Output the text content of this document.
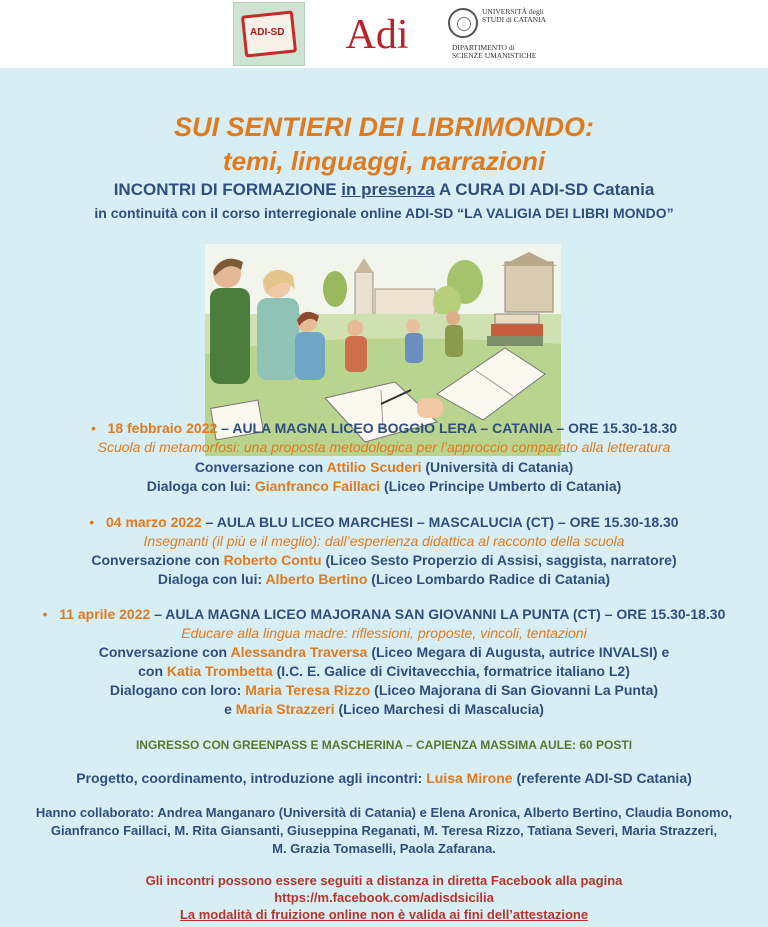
ADI-SD Adi
UNIVERSITÀ degli STUDI di CATANIA
DIPARTIMENTO di SCIENZE UMANISTICHE
SUI SENTIERI DEI LIBRIMONDO:
temi, linguaggi, narrazioni
INCONTRI DI FORMAZIONE in presenza A CURA DI ADI-SD Catania
in continuità con il corso interregionale online ADI-SD “LA VALIGIA DEI LIBRI MONDO”
• 18 febbraio 2022 – AULA MAGNA LICEO BOGGIO LERA – CATANIA – ORE 15.30-18.30
Scuola di metamorfosi: una proposta metodologica per l’approccio comparato alla letteratura
Conversazione con Attilio Scuderi (Università di Catania)
Dialoga con lui: Gianfranco Faillaci (Liceo Principe Umberto di Catania)
• 04 marzo 2022 – AULA BLU LICEO MARCHESI – MASCALUCIA (CT) – ORE 15.30-18.30
Insegnanti (il più e il meglio): dall’esperienza didattica al racconto della scuola
Conversazione con Roberto Contu (Liceo Sesto Properzio di Assisi, saggista, narratore)
Dialoga con lui: Alberto Bertino (Liceo Lombardo Radice di Catania)
• 11 aprile 2022 – AULA MAGNA LICEO MAJORANA SAN GIOVANNI LA PUNTA (CT) – ORE 15.30-18.30
Educare alla lingua madre: riflessioni, proposte, vincoli, tentazioni
Conversazione con Alessandra Traversa (Liceo Megara di Augusta, autrice INVALSI) e
con Katia Trombetta (I.C. E. Galice di Civitavecchia, formatrice italiano L2)
Dialogano con loro: Maria Teresa Rizzo (Liceo Majorana di San Giovanni La Punta)
e Maria Strazzeri (Liceo Marchesi di Mascalucia)
INGRESSO CON GREENPASS E MASCHERINA – CAPIENZA MASSIMA AULE: 60 POSTI
Progetto, coordinamento, introduzione agli incontri: Luisa Mirone (referente ADI-SD Catania)
Hanno collaborato: Andrea Manganaro (Università di Catania) e Elena Aronica, Alberto Bertino, Claudia Bonomo,
Gianfranco Faillaci, M. Rita Giansanti, Giuseppina Reganati, M. Teresa Rizzo, Tatiana Severi, Maria Strazzeri,
M. Grazia Tomaselli, Paola Zafarana.
Gli incontri possono essere seguiti a distanza in diretta Facebook alla pagina
https://m.facebook.com/adisdsicilia
La modalità di fruizione online non è valida ai fini dell’attestazione
